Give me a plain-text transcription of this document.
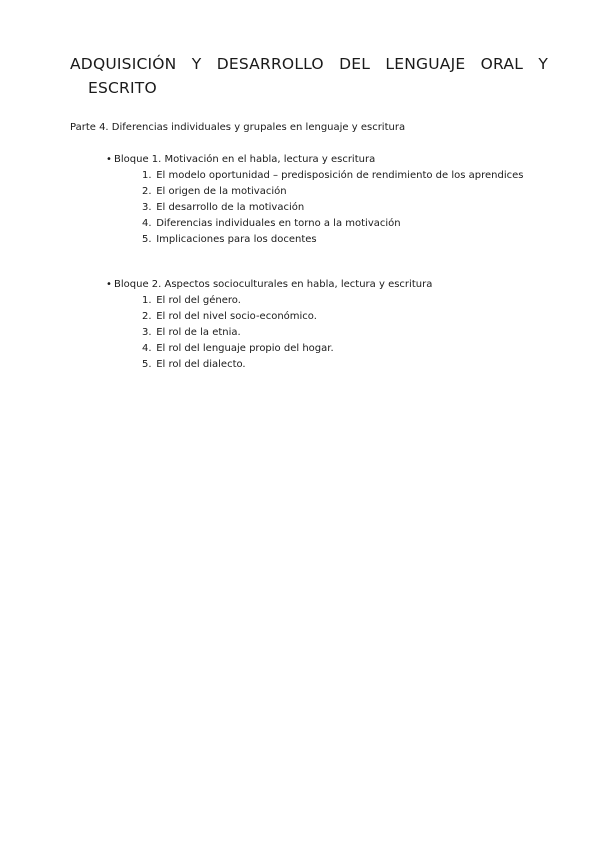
ADQUISICIÓN Y DESARROLLO DEL LENGUAJE ORAL Y
ESCRITO

Parte 4. Diferencias individuales y grupales en lenguaje y escritura

• Bloque 1. Motivación en el habla, lectura y escritura
1. El modelo oportunidad – predisposición de rendimiento de los aprendices
2. El origen de la motivación
3. El desarrollo de la motivación
4. Diferencias individuales en torno a la motivación
5. Implicaciones para los docentes
• Bloque 2. Aspectos socioculturales en habla, lectura y escritura
1. El rol del género.
2. El rol del nivel socio-económico.
3. El rol de la etnia.
4. El rol del lenguaje propio del hogar.
5. El rol del dialecto.
